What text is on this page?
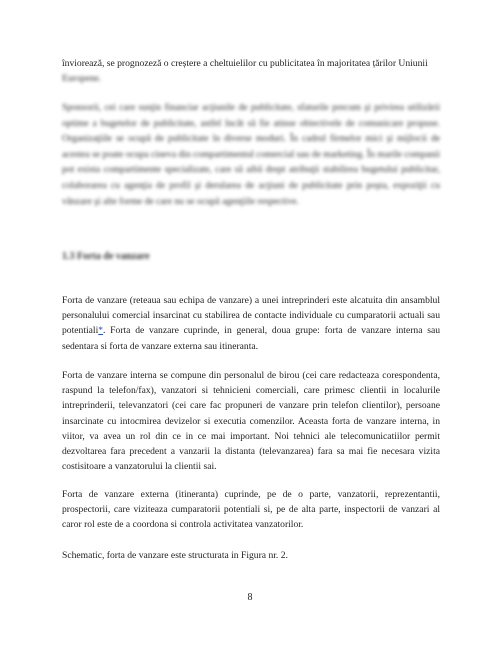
înviorează, se prognozeză o creștere a cheltuielilor cu publicitatea în majoritatea țărilor Uniunii
Europene.
Sponsorii, cei care susţin financiar acţiunile de publicitate, sfaturile precum şi privirea utilizării optime a bugetelor de publicitate, astfel încât să fie atinse obiectivele de comunicare propuse. Organizaţiile se ocupă de publicitate în diverse moduri. În cadrul firmelor mici şi mijlocii de acestea se poate ocupa cineva din compartimentul comercial sau de marketing. În marile companii pot exista compartimente specializate, care să aibă drept atribuţii stabilirea bugetului publicitar, colaborarea cu agenţia de profil şi derularea de acţiuni de publicitate prin poşta, expoziţii cu vânzare şi alte forme de care nu se ocupă agenţiile respective.
1.3 Forta de vanzare
Forta de vanzare (reteaua sau echipa de vanzare) a unei intreprinderi este alcatuita din ansamblul personalului comercial insarcinat cu stabilirea de contacte individuale cu cumparatorii actuali sau potentiali*. Forta de vanzare cuprinde, in general, doua grupe: forta de vanzare interna sau sedentara si forta de vanzare externa sau itineranta.
Forta de vanzare interna se compune din personalul de birou (cei care redacteaza corespondenta, raspund la telefon/fax), vanzatori si tehnicieni comerciali, care primesc clientii in localurile intreprinderii, televanzatori (cei care fac propuneri de vanzare prin telefon clientilor), persoane insarcinate cu intocmirea devizelor si executia comenzilor. Aceasta forta de vanzare interna, in viitor, va avea un rol din ce in ce mai important. Noi tehnici ale telecomunicatiilor permit dezvoltarea fara precedent a vanzarii la distanta (televanzarea) fara sa mai fie necesara vizita costisitoare a vanzatorului la clientii sai.
Forta de vanzare externa (itineranta) cuprinde, pe de o parte, vanzatorii, reprezentantii, prospectorii, care viziteaza cumparatorii potentiali si, pe de alta parte, inspectorii de vanzari al caror rol este de a coordona si controla activitatea vanzatorilor.
Schematic, forta de vanzare este structurata in Figura nr. 2.
8
